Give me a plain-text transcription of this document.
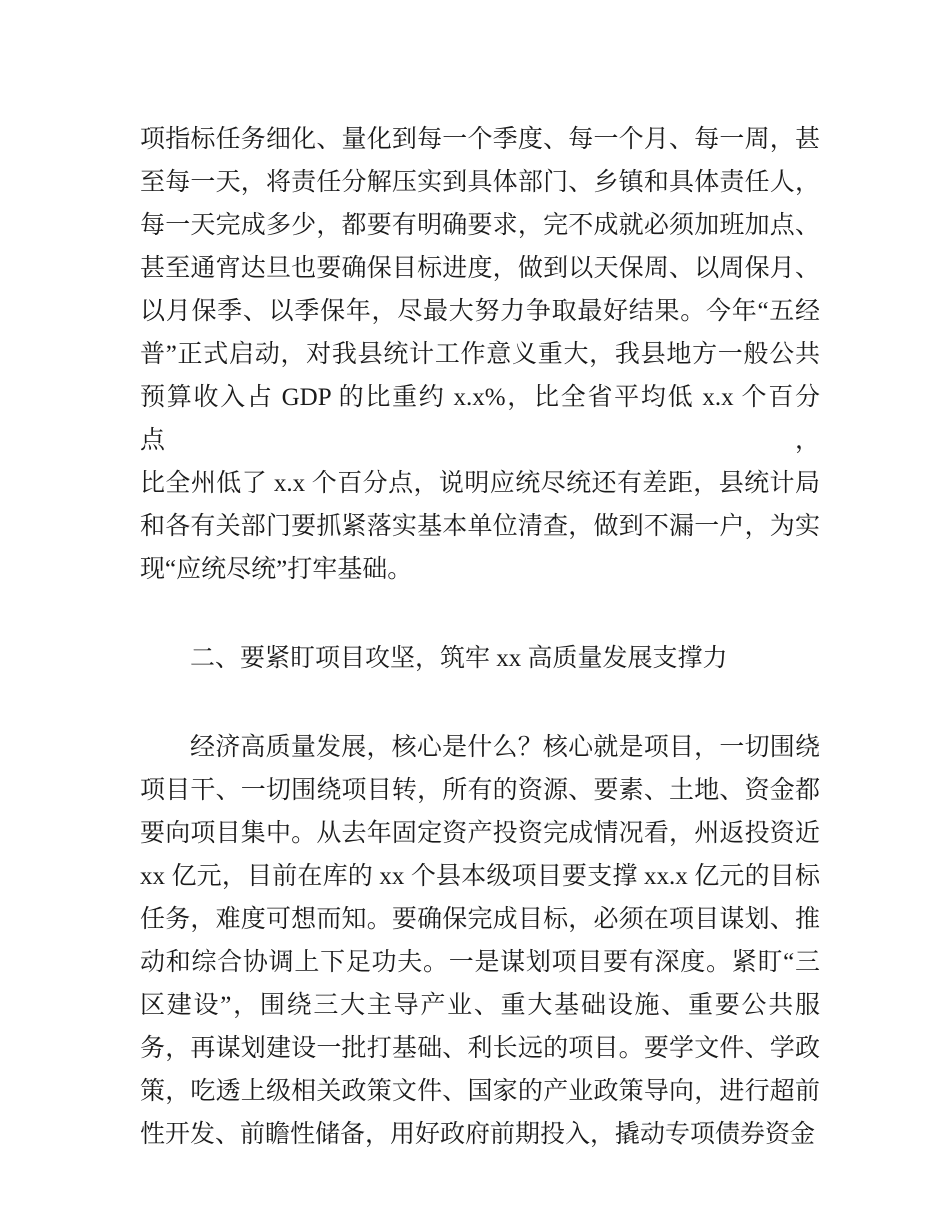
项指标任务细化、量化到每一个季度、每一个月、每一周，甚
至每一天，将责任分解压实到具体部门、乡镇和具体责任人，
每一天完成多少，都要有明确要求，完不成就必须加班加点、
甚至通宵达旦也要确保目标进度，做到以天保周、以周保月、
以月保季、以季保年，尽最大努力争取最好结果。今年“五经
普”正式启动，对我县统计工作意义重大，我县地方一般公共
预算收入占 GDP 的比重约 x.x%，比全省平均低 x.x 个百分点，
比全州低了 x.x 个百分点，说明应统尽统还有差距，县统计局
和各有关部门要抓紧落实基本单位清查，做到不漏一户，为实
现“应统尽统”打牢基础。
二、要紧盯项目攻坚，筑牢 xx 高质量发展支撑力
经济高质量发展，核心是什么？核心就是项目，一切围绕
项目干、一切围绕项目转，所有的资源、要素、土地、资金都
要向项目集中。从去年固定资产投资完成情况看，州返投资近
xx 亿元，目前在库的 xx 个县本级项目要支撑 xx.x 亿元的目标
任务，难度可想而知。要确保完成目标，必须在项目谋划、推
动和综合协调上下足功夫。一是谋划项目要有深度。紧盯“三
区建设”，围绕三大主导产业、重大基础设施、重要公共服
务，再谋划建设一批打基础、利长远的项目。要学文件、学政
策，吃透上级相关政策文件、国家的产业政策导向，进行超前
性开发、前瞻性储备，用好政府前期投入，撬动专项债券资金
